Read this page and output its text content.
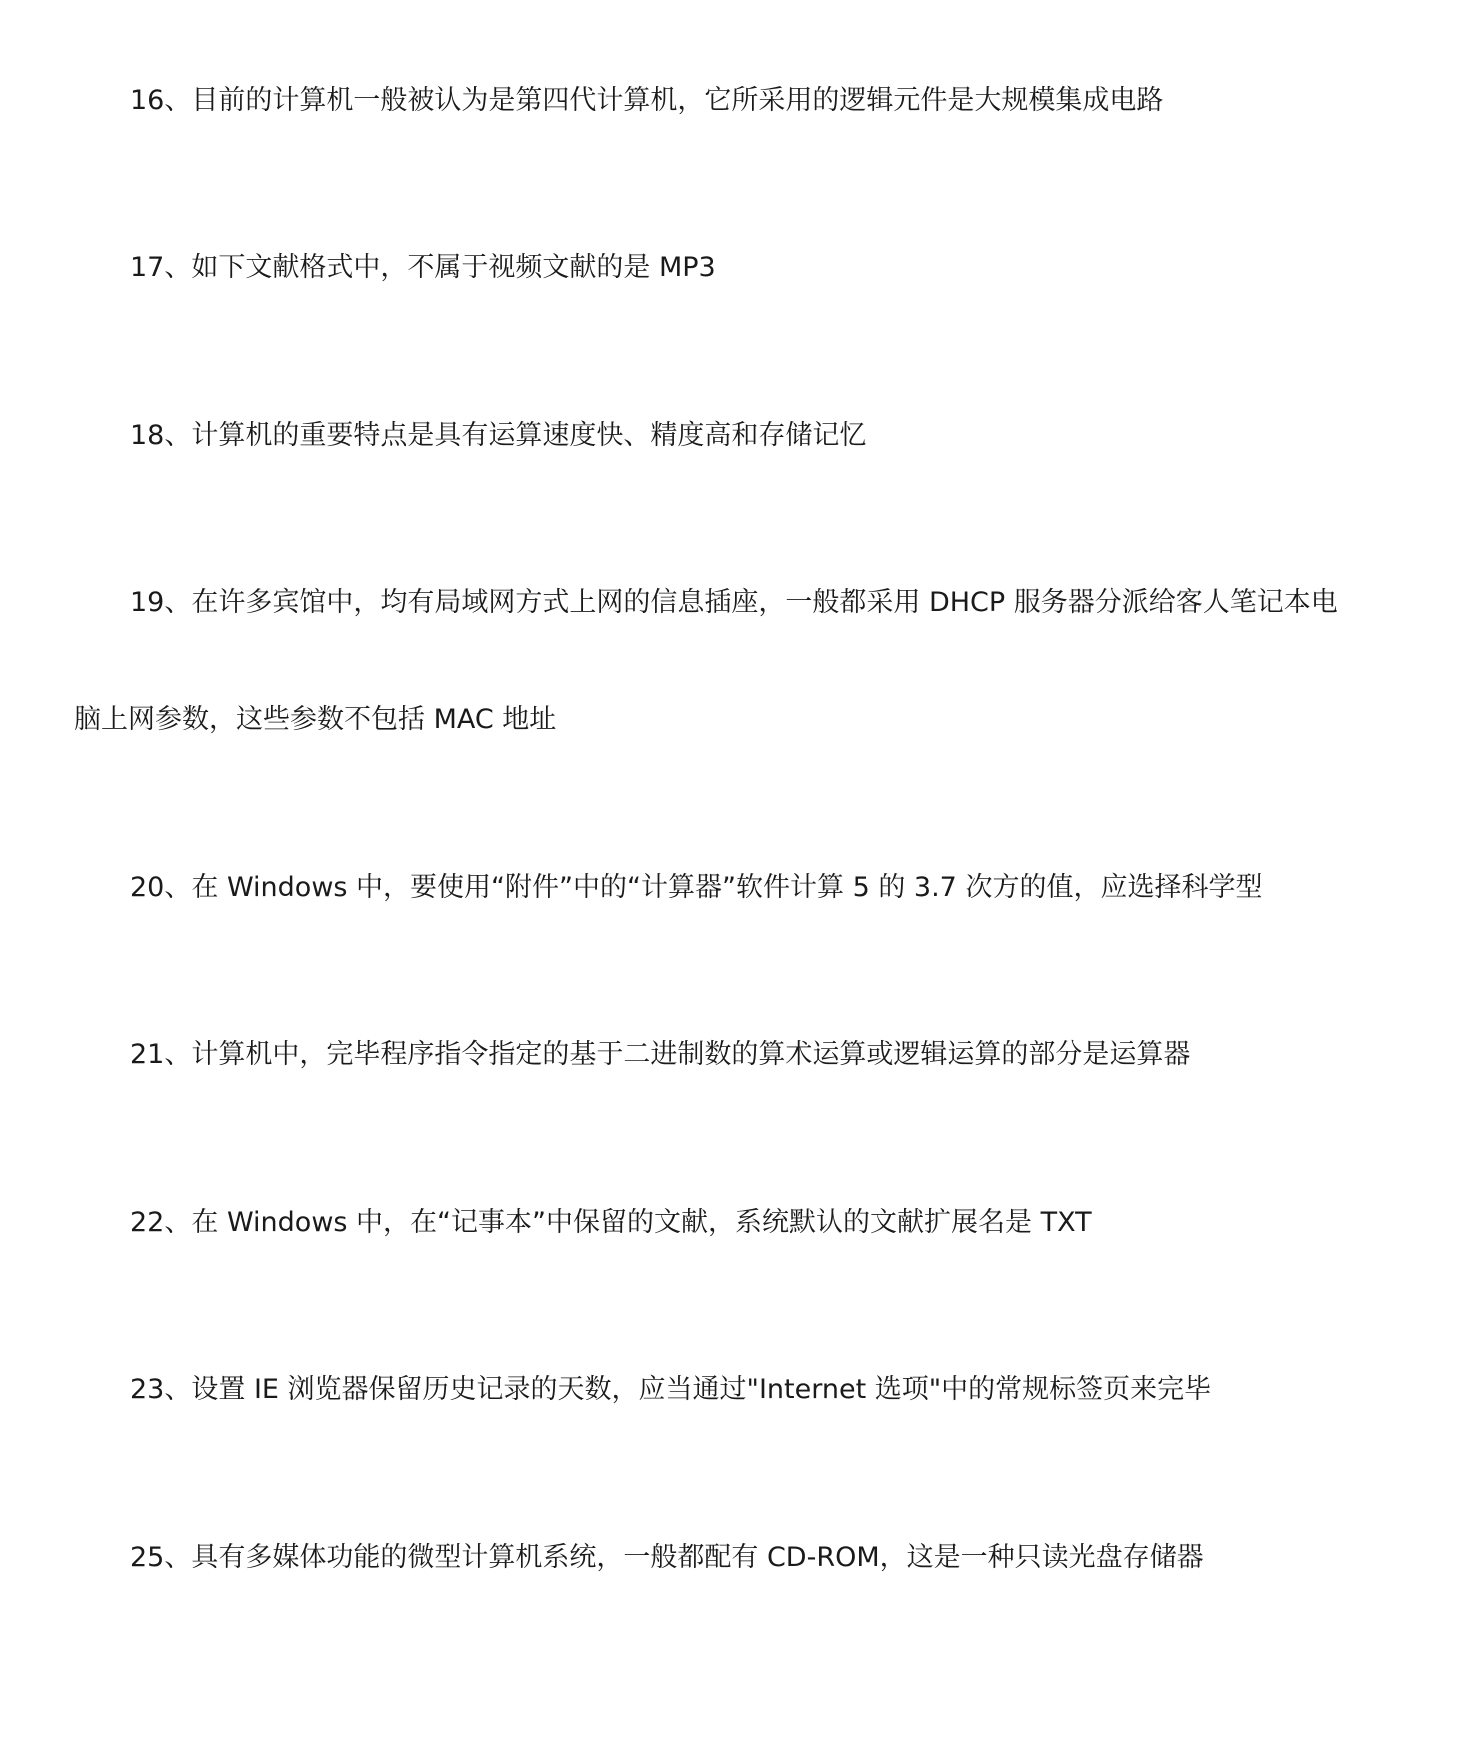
16、目前的计算机一般被认为是第四代计算机，它所采用的逻辑元件是大规模集成电路
17、如下文献格式中，不属于视频文献的是 MP3
18、计算机的重要特点是具有运算速度快、精度高和存储记忆
19、在许多宾馆中，均有局域网方式上网的信息插座，一般都采用 DHCP 服务器分派给客人笔记本电
脑上网参数，这些参数不包括 MAC 地址
20、在 Windows 中，要使用“附件”中的“计算器”软件计算 5 的 3.7 次方的值，应选择科学型
21、计算机中，完毕程序指令指定的基于二进制数的算术运算或逻辑运算的部分是运算器
22、在 Windows 中，在“记事本”中保留的文献，系统默认的文献扩展名是 TXT
23、设置 IE 浏览器保留历史记录的天数，应当通过"Internet 选项"中的常规标签页来完毕
25、具有多媒体功能的微型计算机系统，一般都配有 CD-ROM，这是一种只读光盘存储器
